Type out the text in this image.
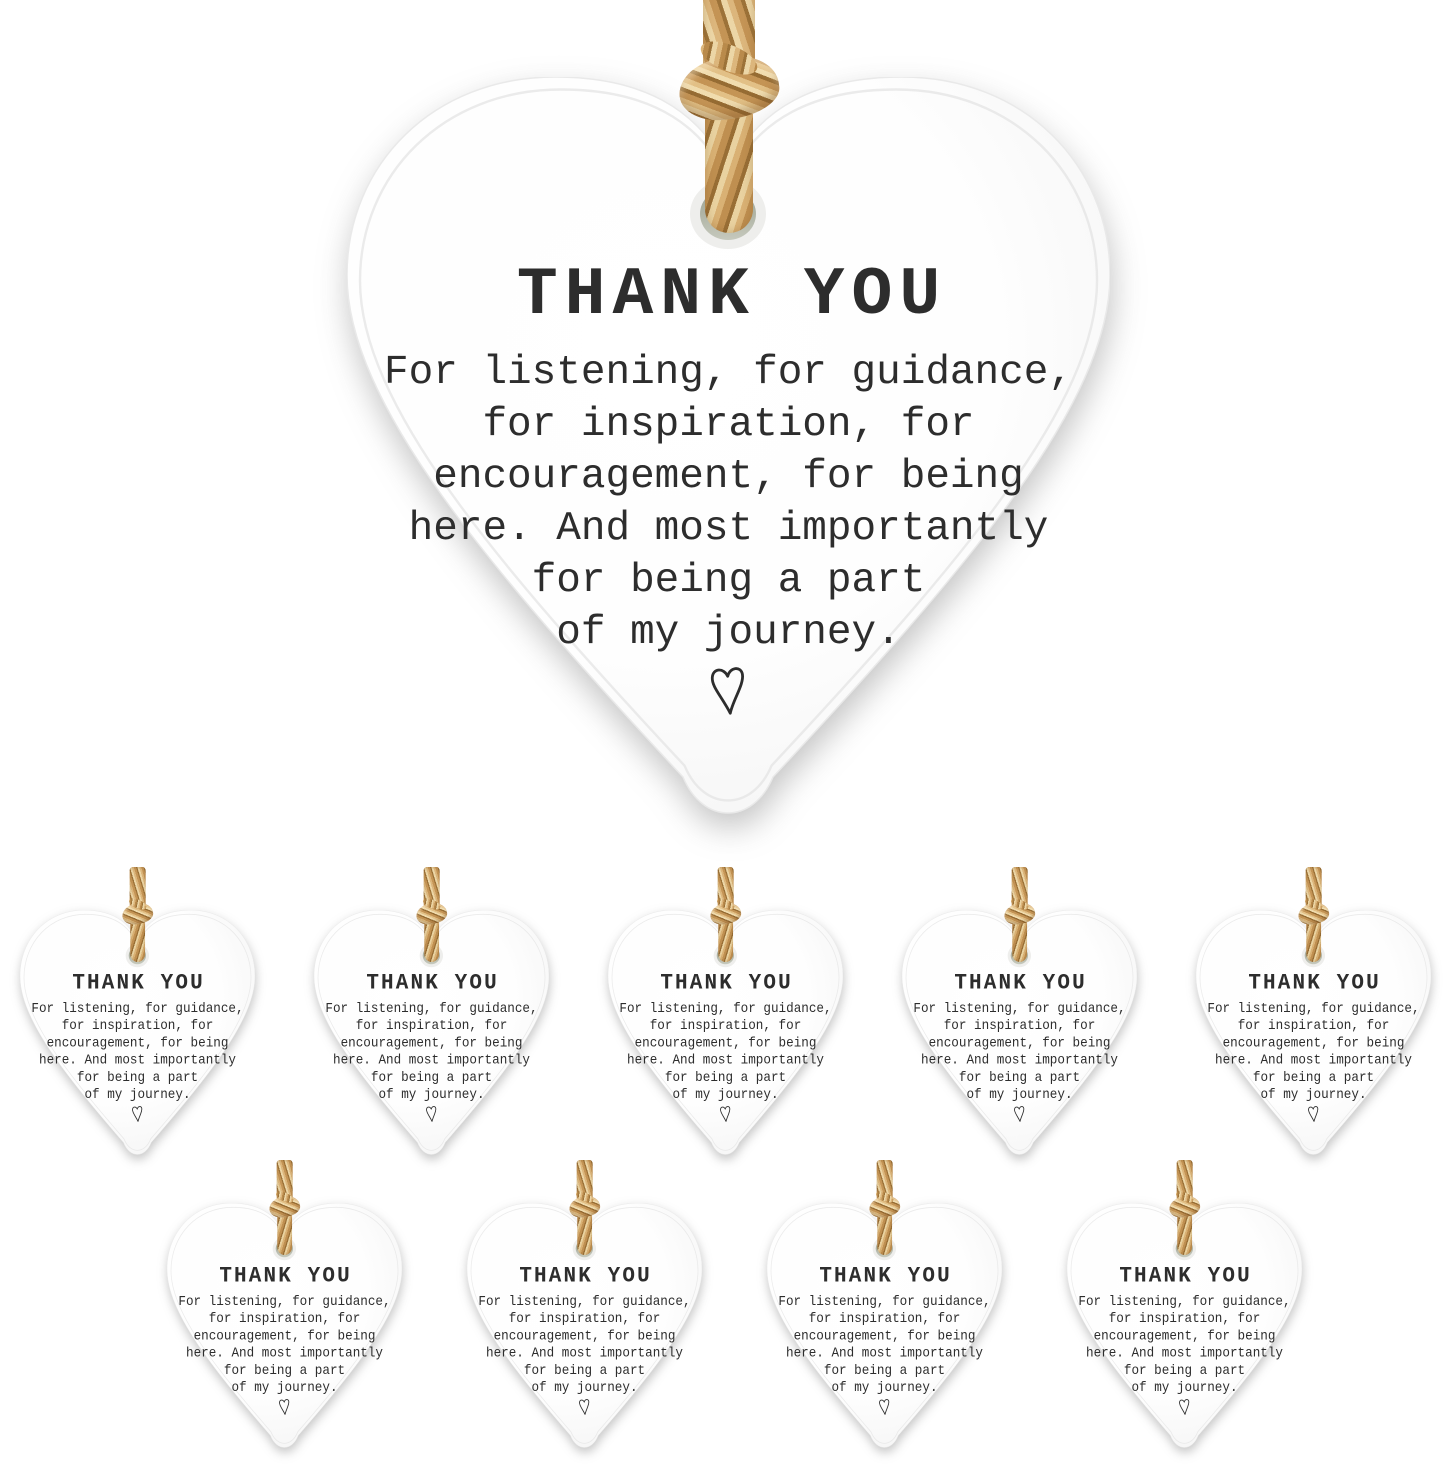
THANK YOU
For listening, for guidance,
for inspiration, for
encouragement, for being
here. And most importantly
for being a part
of my journey.
THANK YOU
For listening, for guidance,
for inspiration, for
encouragement, for being
here. And most importantly
for being a part
of my journey.
THANK YOU
For listening, for guidance,
for inspiration, for
encouragement, for being
here. And most importantly
for being a part
of my journey.
THANK YOU
For listening, for guidance,
for inspiration, for
encouragement, for being
here. And most importantly
for being a part
of my journey.
THANK YOU
For listening, for guidance,
for inspiration, for
encouragement, for being
here. And most importantly
for being a part
of my journey.
THANK YOU
For listening, for guidance,
for inspiration, for
encouragement, for being
here. And most importantly
for being a part
of my journey.
THANK YOU
For listening, for guidance,
for inspiration, for
encouragement, for being
here. And most importantly
for being a part
of my journey.
THANK YOU
For listening, for guidance,
for inspiration, for
encouragement, for being
here. And most importantly
for being a part
of my journey.
THANK YOU
For listening, for guidance,
for inspiration, for
encouragement, for being
here. And most importantly
for being a part
of my journey.
THANK YOU
For listening, for guidance,
for inspiration, for
encouragement, for being
here. And most importantly
for being a part
of my journey.
